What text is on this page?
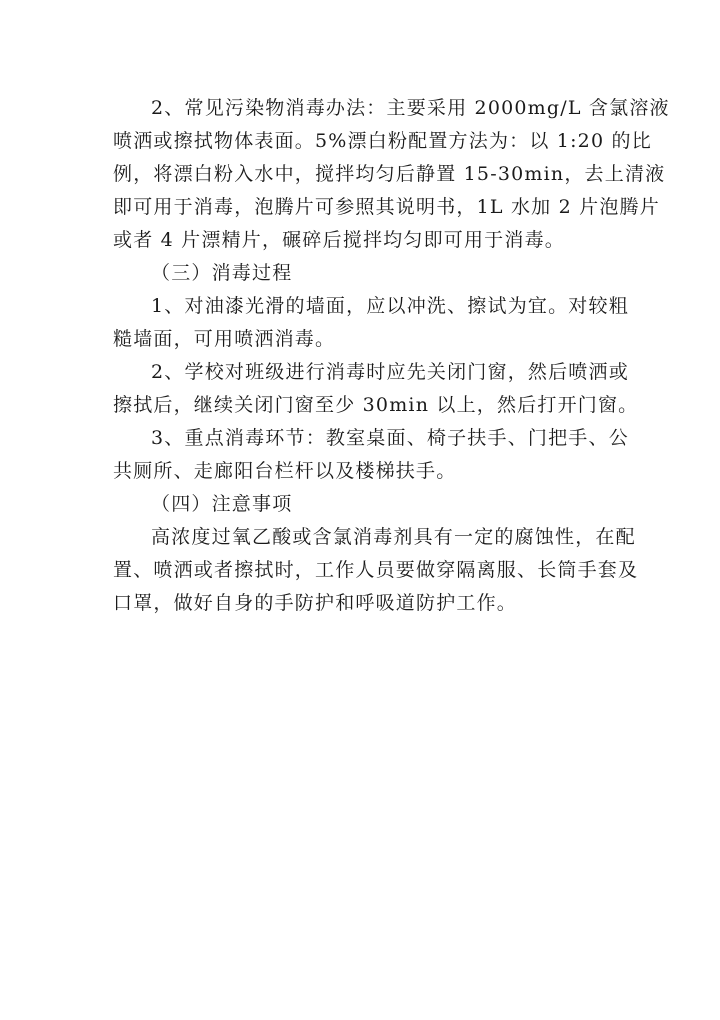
2、常见污染物消毒办法：主要采用 2000mg/L 含氯溶液
喷洒或擦拭物体表面。5%漂白粉配置方法为：以 1:20 的比
例，将漂白粉入水中，搅拌均匀后静置 15-30min，去上清液
即可用于消毒，泡腾片可参照其说明书，1L 水加 2 片泡腾片
或者 4 片漂精片，碾碎后搅拌均匀即可用于消毒。
（三）消毒过程
1、对油漆光滑的墙面，应以冲洗、擦试为宜。对较粗
糙墙面，可用喷洒消毒。
2、学校对班级进行消毒时应先关闭门窗，然后喷洒或
擦拭后，继续关闭门窗至少 30min 以上，然后打开门窗。
3、重点消毒环节：教室桌面、椅子扶手、门把手、公
共厕所、走廊阳台栏杆以及楼梯扶手。
（四）注意事项
高浓度过氧乙酸或含氯消毒剂具有一定的腐蚀性，在配
置、喷洒或者擦拭时，工作人员要做穿隔离服、长筒手套及
口罩，做好自身的手防护和呼吸道防护工作。
